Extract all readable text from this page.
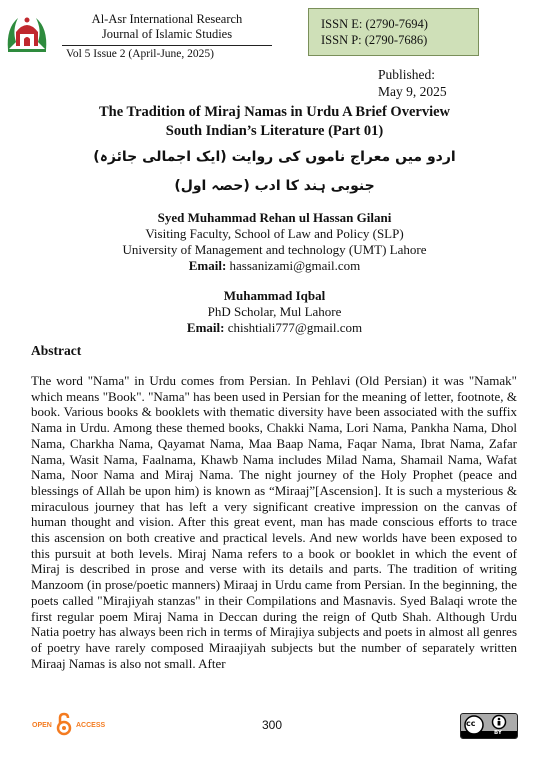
Al-Asr International Research
Journal of Islamic Studies
Vol 5 Issue 2 (April-June, 2025)
ISSN E: (2790-7694)
ISSN P: (2790-7686)
Published:
May 9, 2025
The Tradition of Miraj Namas in Urdu A Brief Overview
South Indian’s Literature (Part 01)
اردو میں معراج ناموں کی روایت (ایک اجمالی جائزہ)
جنوبی ہند کا ادب (حصہ اول)
Syed Muhammad Rehan ul Hassan Gilani
Visiting Faculty, School of Law and Policy (SLP)
University of Management and technology (UMT) Lahore
Email: hassanizami@gmail.com
Muhammad Iqbal
PhD Scholar, Mul Lahore
Email: chishtiali777@gmail.com
Abstract
The word "Nama" in Urdu comes from Persian. In Pehlavi (Old Persian) it was "Namak" which means "Book". "Nama" has been used in Persian for the meaning of letter, footnote, & book. Various books & booklets with thematic diversity have been associated with the suffix Nama in Urdu. Among these themed books, Chakki Nama, Lori Nama, Pankha Nama, Dhol Nama, Charkha Nama, Qayamat Nama, Maa Baap Nama, Faqar Nama, Ibrat Nama, Zafar Nama, Wasit Nama, Faalnama, Khawb Nama includes Milad Nama, Shamail Nama, Wafat Nama, Noor Nama and Miraj Nama. The night journey of the Holy Prophet (peace and blessings of Allah be upon him) is known as “Miraaj”[Ascension]. It is such a mysterious & miraculous journey that has left a very significant creative impression on the canvas of human thought and vision. After this great event, man has made conscious efforts to trace this ascension on both creative and practical levels. And new worlds have been exposed to this pursuit at both levels. Miraj Nama refers to a book or booklet in which the event of Miraj is described in prose and verse with its details and parts. The tradition of writing Manzoom (in prose/poetic manners) Miraaj in Urdu came from Persian. In the beginning, the poets called "Mirajiyah stanzas" in their Compilations and Masnavis. Syed Balaqi wrote the first regular poem Miraj Nama in Deccan during the reign of Qutb Shah. Although Urdu Natia poetry has always been rich in terms of Mirajiya subjects and poets in almost all genres of poetry have rarely composed Miraajiyah subjects but the number of separately written Miraaj Namas is also not small. After
OPEN	ACCESS	300	cc
BY
